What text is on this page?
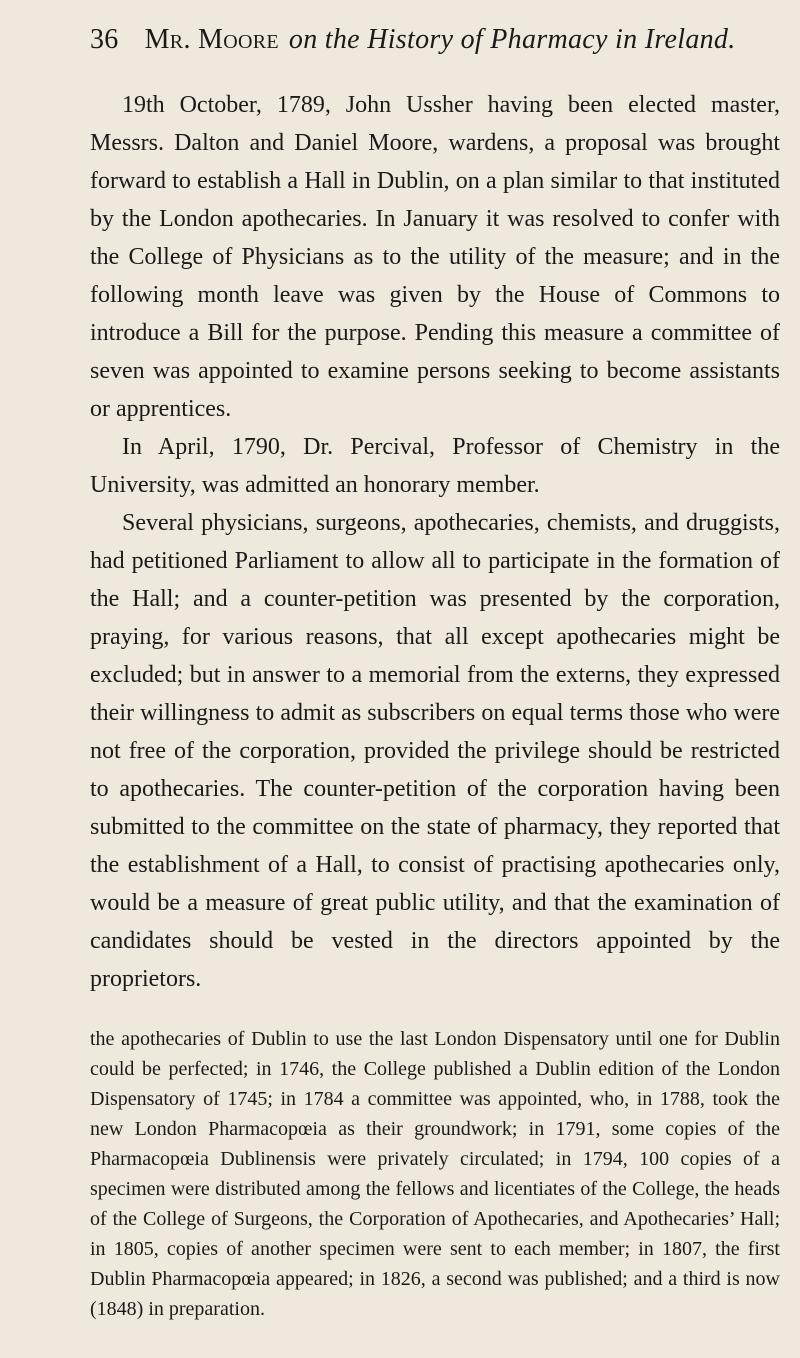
36 Mr. Moore on the History of Pharmacy in Ireland.

19th October, 1789, John Ussher having been elected master, Messrs. Dalton and Daniel Moore, wardens, a proposal was brought forward to establish a Hall in Dublin, on a plan similar to that instituted by the London apothecaries. In January it was resolved to confer with the College of Physicians as to the utility of the measure; and in the following month leave was given by the House of Commons to introduce a Bill for the purpose. Pending this measure a committee of seven was appointed to examine persons seeking to become assistants or apprentices.

In April, 1790, Dr. Percival, Professor of Chemistry in the University, was admitted an honorary member.

Several physicians, surgeons, apothecaries, chemists, and druggists, had petitioned Parliament to allow all to participate in the formation of the Hall; and a counter-petition was presented by the corporation, praying, for various reasons, that all except apothecaries might be excluded; but in answer to a memorial from the externs, they expressed their willingness to admit as subscribers on equal terms those who were not free of the corporation, provided the privilege should be restricted to apothecaries. The counter-petition of the corporation having been submitted to the committee on the state of pharmacy, they reported that the establishment of a Hall, to consist of practising apothecaries only, would be a measure of great public utility, and that the examination of candidates should be vested in the directors appointed by the proprietors.

the apothecaries of Dublin to use the last London Dispensatory until one for Dublin could be perfected; in 1746, the College published a Dublin edition of the London Dispensatory of 1745; in 1784 a committee was appointed, who, in 1788, took the new London Pharmacopœia as their groundwork; in 1791, some copies of the Pharmacopœia Dublinensis were privately circulated; in 1794, 100 copies of a specimen were distributed among the fellows and licentiates of the College, the heads of the College of Surgeons, the Corporation of Apothecaries, and Apothecaries’ Hall; in 1805, copies of another specimen were sent to each member; in 1807, the first Dublin Pharmacopœia appeared; in 1826, a second was published; and a third is now (1848) in preparation.
